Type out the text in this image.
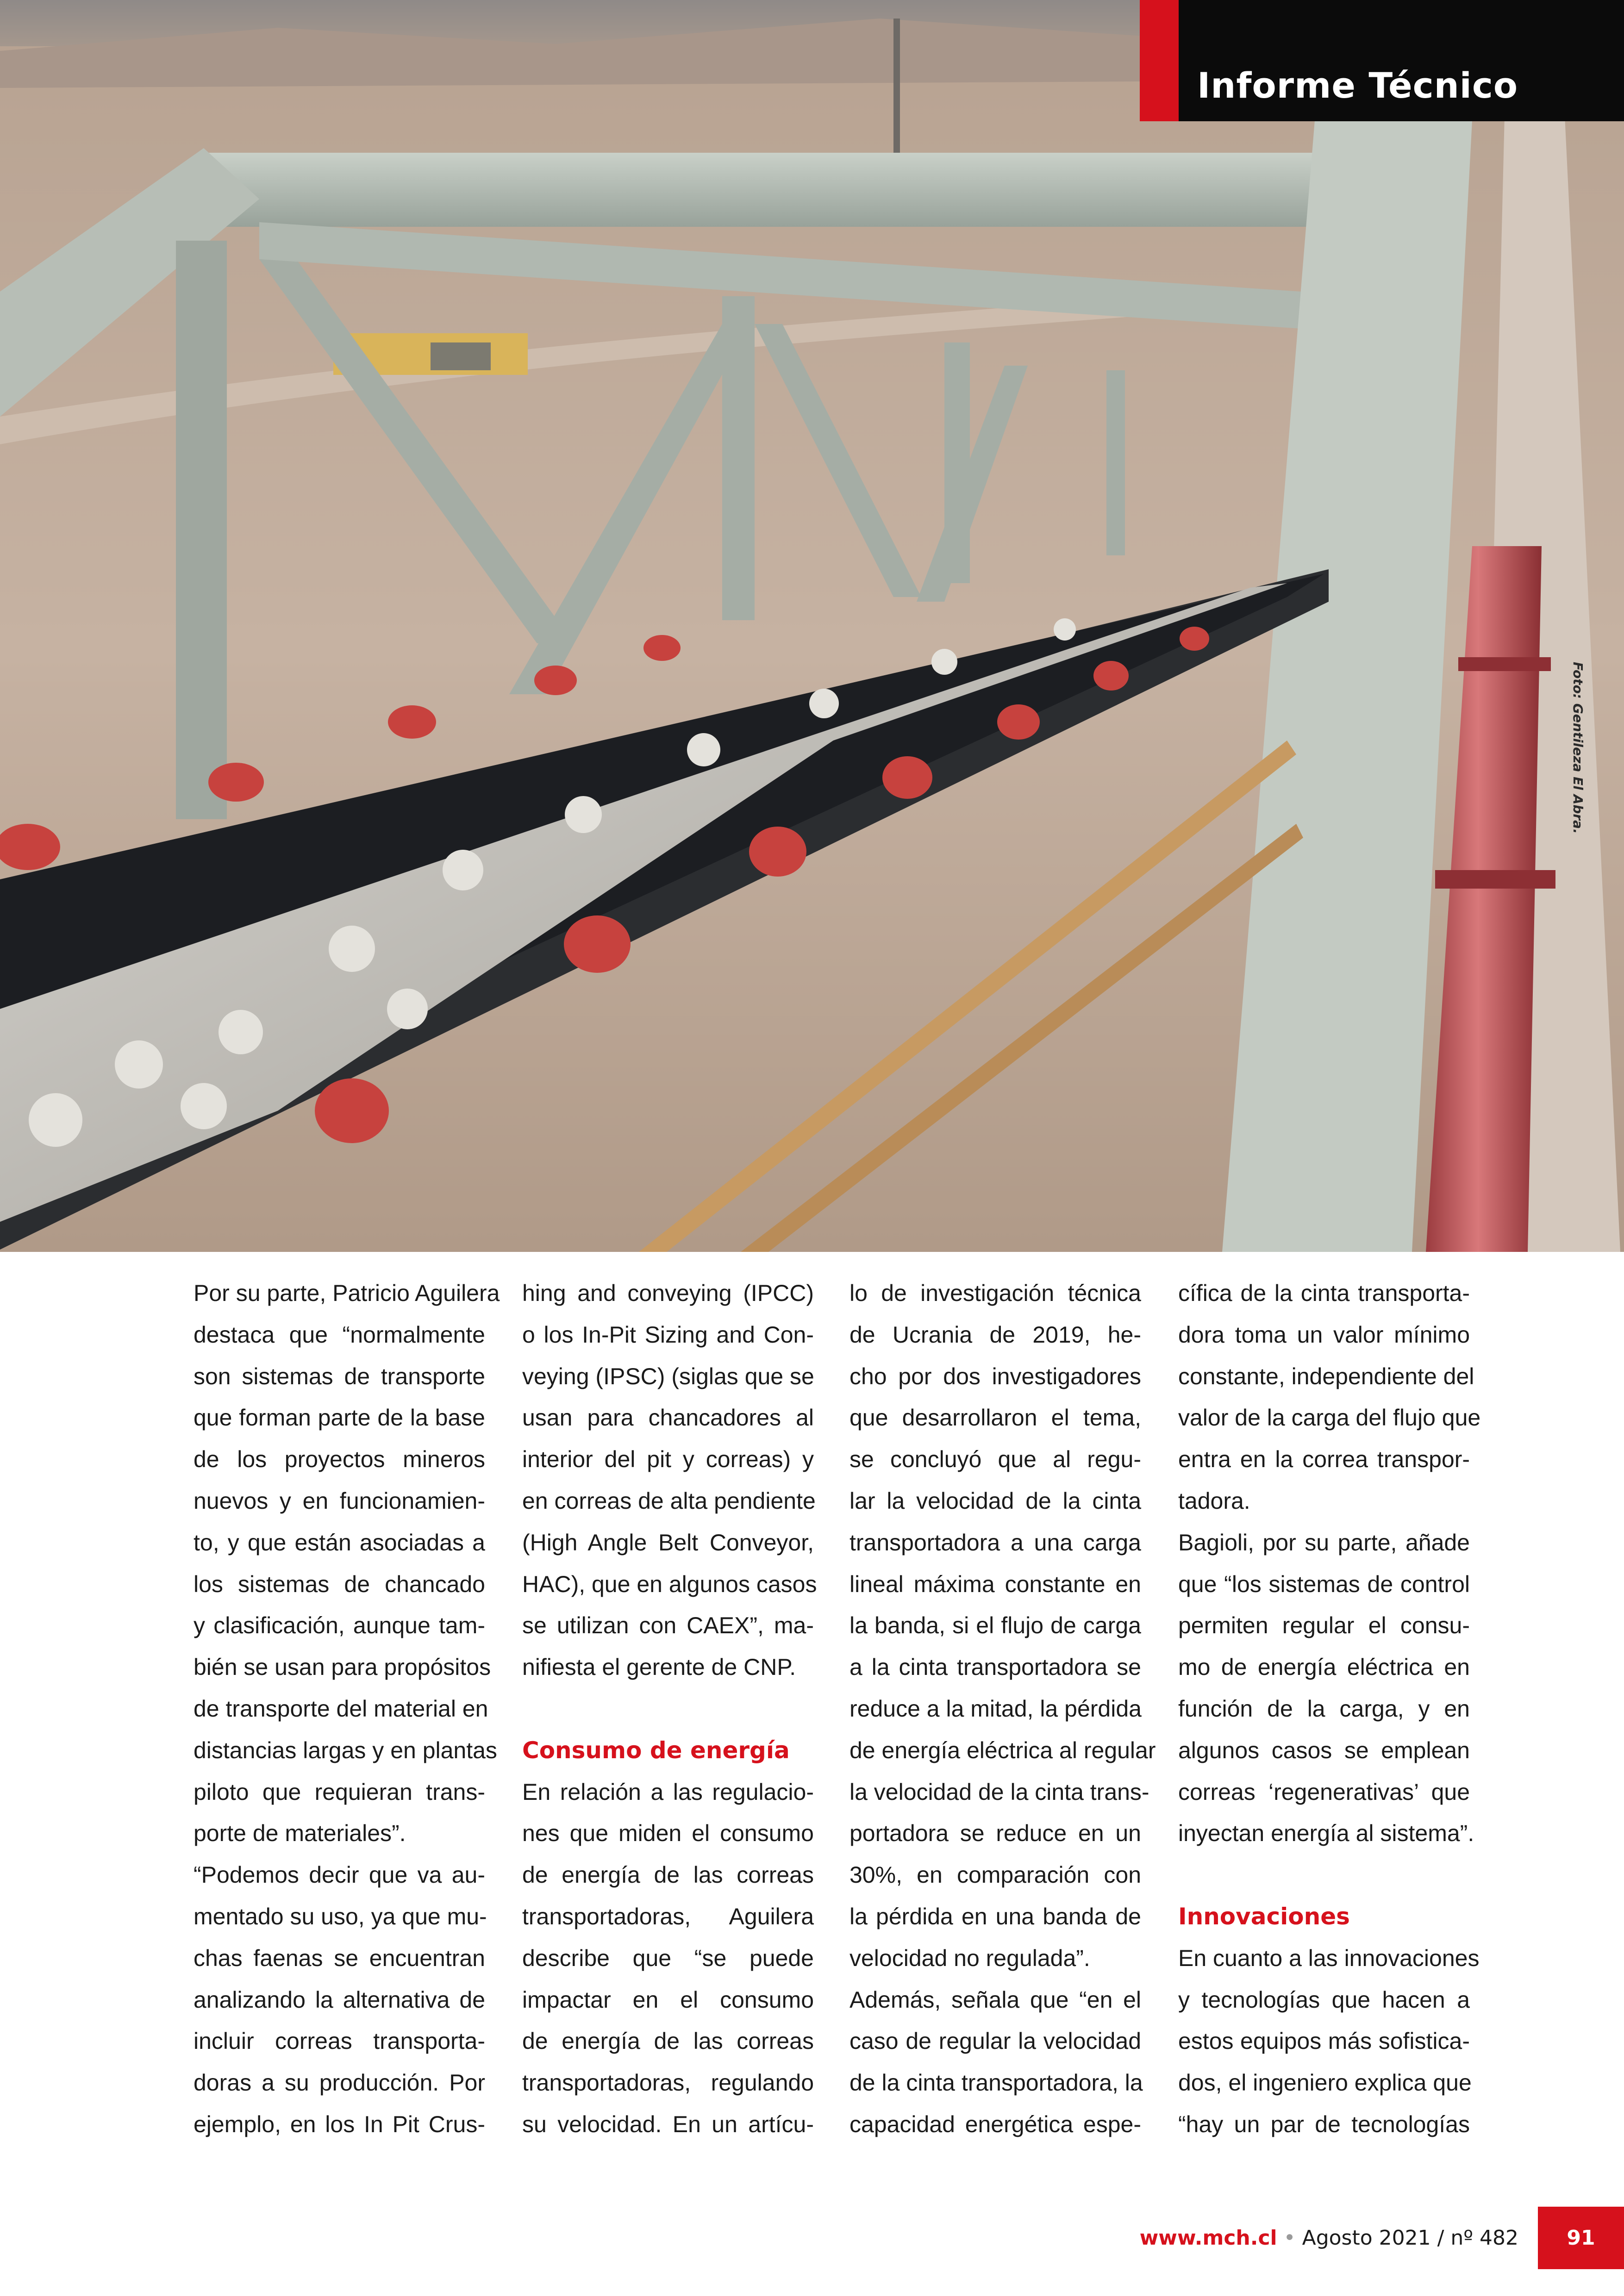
Informe Técnico
Foto: Gentileza El Abra.
Por su parte, Patricio Aguilera
destaca que “normalmente
son sistemas de transporte
que forman parte de la base
de los proyectos mineros
nuevos y en funcionamien-
to, y que están asociadas a
los sistemas de chancado
y clasificación, aunque tam-
bién se usan para propósitos
de transporte del material en
distancias largas y en plantas
piloto que requieran trans-
porte de materiales”.
“Podemos decir que va au-
mentado su uso, ya que mu-
chas faenas se encuentran
analizando la alternativa de
incluir correas transporta-
doras a su producción. Por
ejemplo, en los In Pit Crus-
hing and conveying (IPCC)
o los In-Pit Sizing and Con-
veying (IPSC) (siglas que se
usan para chancadores al
interior del pit y correas) y
en correas de alta pendiente
(High Angle Belt Conveyor,
HAC), que en algunos casos
se utilizan con CAEX”, ma-
nifiesta el gerente de CNP.
Consumo de energía
En relación a las regulacio-
nes que miden el consumo
de energía de las correas
transportadoras, Aguilera
describe que “se puede
impactar en el consumo
de energía de las correas
transportadoras, regulando
su velocidad. En un artícu-
lo de investigación técnica
de Ucrania de 2019, he-
cho por dos investigadores
que desarrollaron el tema,
se concluyó que al regu-
lar la velocidad de la cinta
transportadora a una carga
lineal máxima constante en
la banda, si el flujo de carga
a la cinta transportadora se
reduce a la mitad, la pérdida
de energía eléctrica al regular
la velocidad de la cinta trans-
portadora se reduce en un
30%, en comparación con
la pérdida en una banda de
velocidad no regulada”.
Además, señala que “en el
caso de regular la velocidad
de la cinta transportadora, la
capacidad energética espe-
cífica de la cinta transporta-
dora toma un valor mínimo
constante, independiente del
valor de la carga del flujo que
entra en la correa transpor-
tadora.
Bagioli, por su parte, añade
que “los sistemas de control
permiten regular el consu-
mo de energía eléctrica en
función de la carga, y en
algunos casos se emplean
correas ‘regenerativas’ que
inyectan energía al sistema”.
Innovaciones
En cuanto a las innovaciones
y tecnologías que hacen a
estos equipos más sofistica-
dos, el ingeniero explica que
“hay un par de tecnologías
www.mch.cl • Agosto 2021 / nº 482	91
